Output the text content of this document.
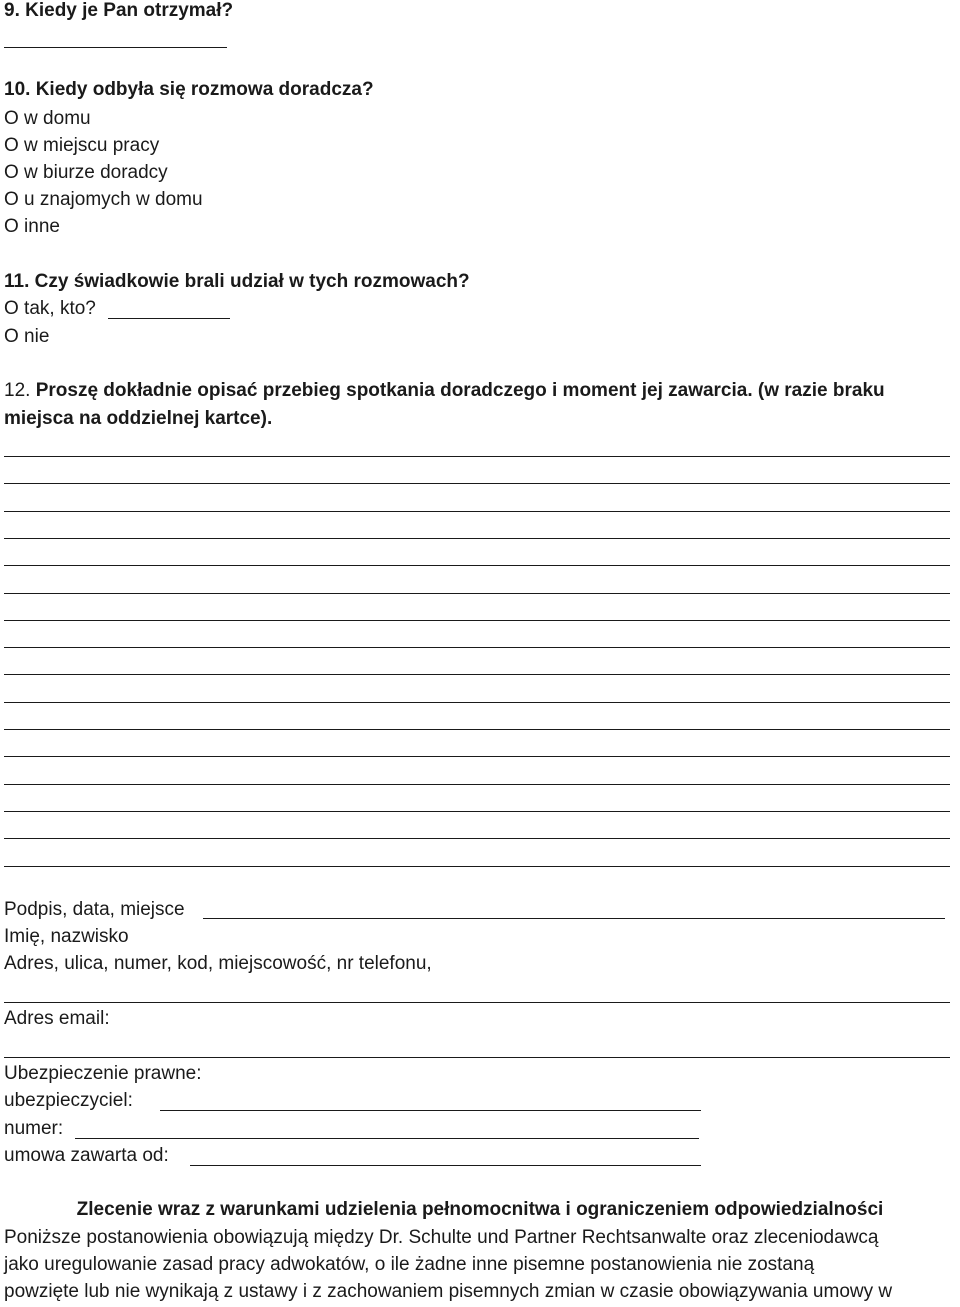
9. Kiedy je Pan otrzymał?
10. Kiedy odbyła się rozmowa doradcza?
O w domu
O w miejscu pracy
O w biurze doradcy
O u znajomych w domu
O inne
11. Czy świadkowie brali udział w tych rozmowach?
O tak, kto?
O nie
12. Proszę dokładnie opisać przebieg spotkania doradczego i moment jej zawarcia. (w razie braku
miejsca na oddzielnej kartce).
Podpis, data, miejsce
Imię, nazwisko
Adres, ulica, numer, kod, miejscowość, nr telefonu,
Adres email:
Ubezpieczenie prawne:
ubezpieczyciel:
numer:
umowa zawarta od:
Zlecenie wraz z warunkami udzielenia pełnomocnitwa i ograniczeniem odpowiedzialności
Poniższe postanowienia obowiązują między Dr. Schulte und Partner Rechtsanwalte oraz zleceniodawcą
jako uregulowanie zasad pracy adwokatów, o ile żadne inne pisemne postanowienia nie zostaną
powzięte lub nie wynikają z ustawy i z zachowaniem pisemnych zmian w czasie obowiązywania umowy w
